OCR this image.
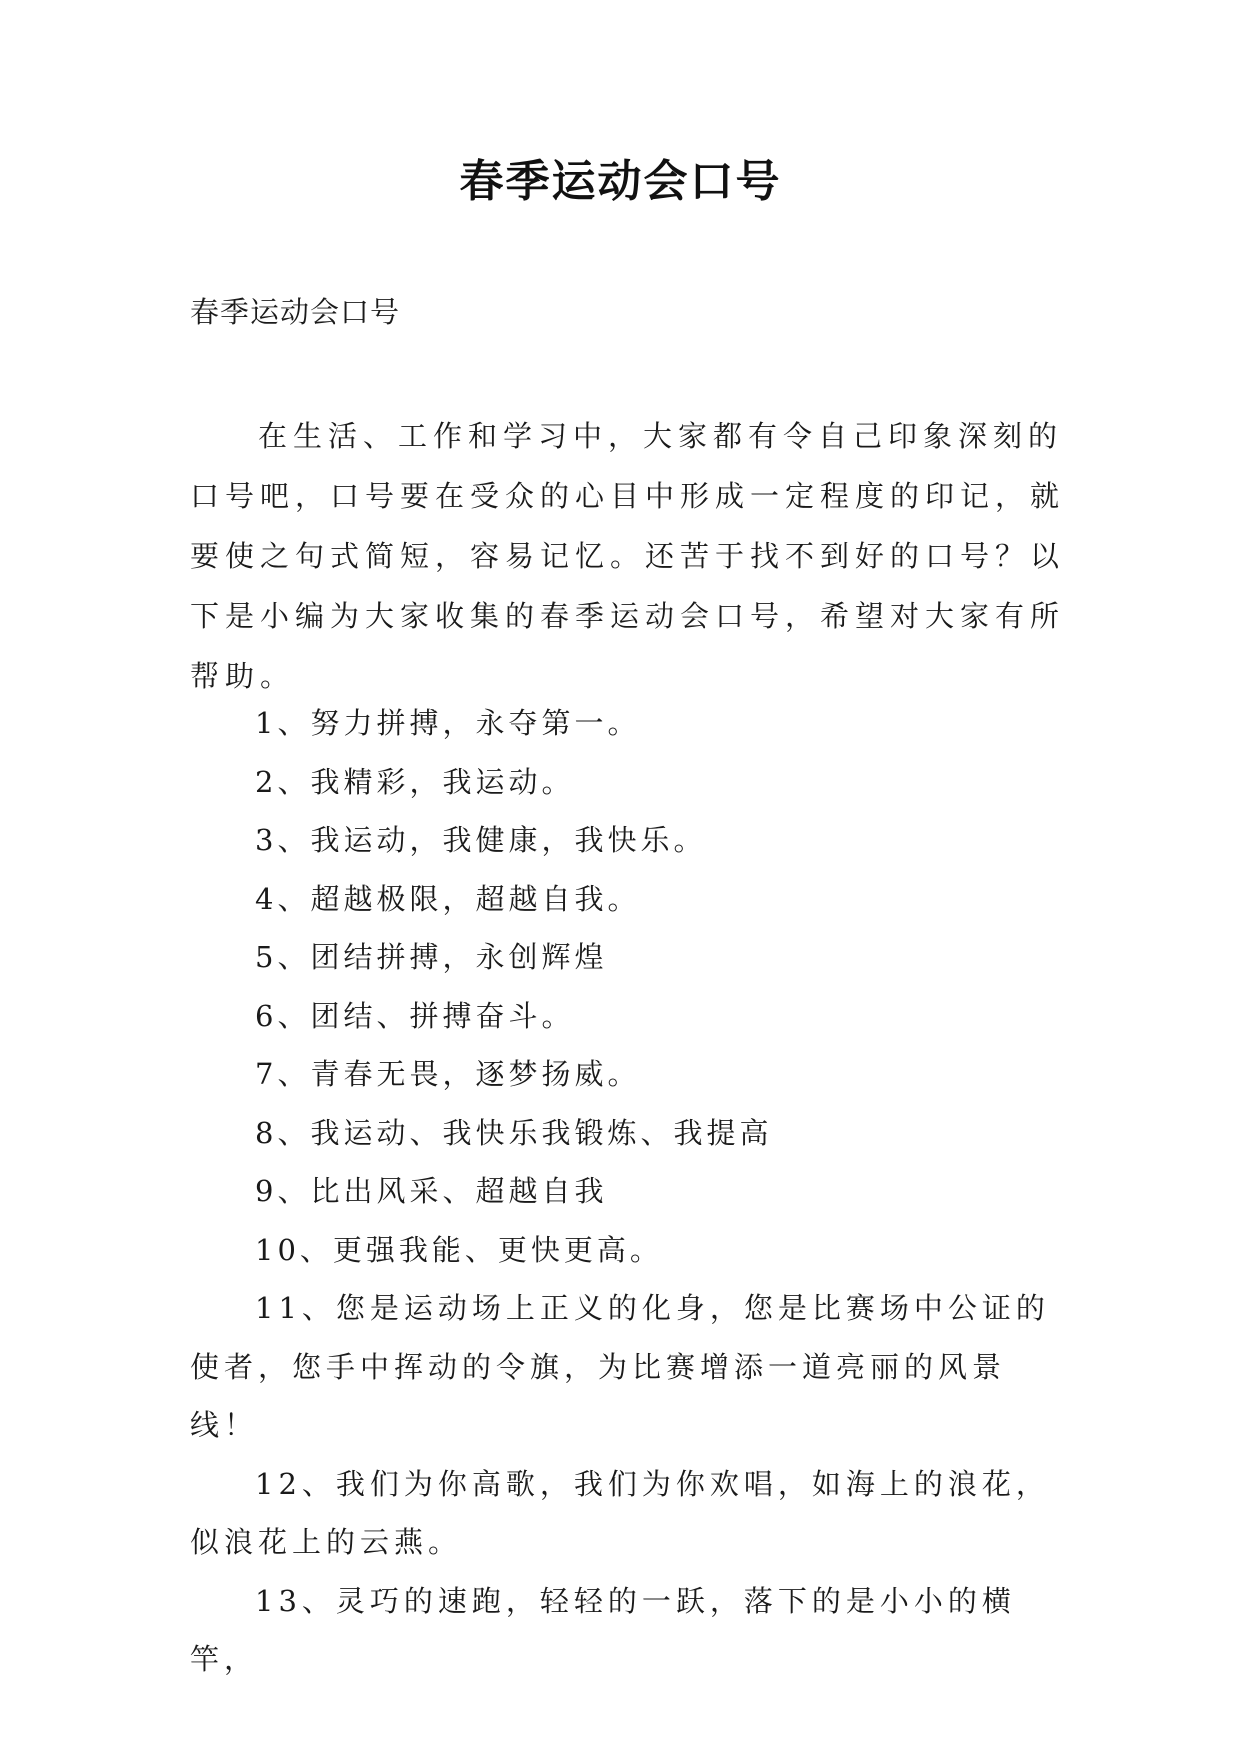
春季运动会口号
春季运动会口号
在生活、工作和学习中，大家都有令自己印象深刻的口号吧，口号要在受众的心目中形成一定程度的印记，就要使之句式简短，容易记忆。还苦于找不到好的口号？以下是小编为大家收集的春季运动会口号，希望对大家有所帮助。
1、努力拼搏，永夺第一。
2、我精彩，我运动。
3、我运动，我健康，我快乐。
4、超越极限，超越自我。
5、团结拼搏，永创辉煌
6、团结、拼搏奋斗。
7、青春无畏，逐梦扬威。
8、我运动、我快乐我锻炼、我提高
9、比出风采、超越自我
10、更强我能、更快更高。
11、您是运动场上正义的化身，您是比赛场中公证的使者，您手中挥动的令旗，为比赛增添一道亮丽的风景线！
12、我们为你高歌，我们为你欢唱，如海上的浪花，似浪花上的云燕。
13、灵巧的速跑，轻轻的一跃，落下的是小小的横竿，
